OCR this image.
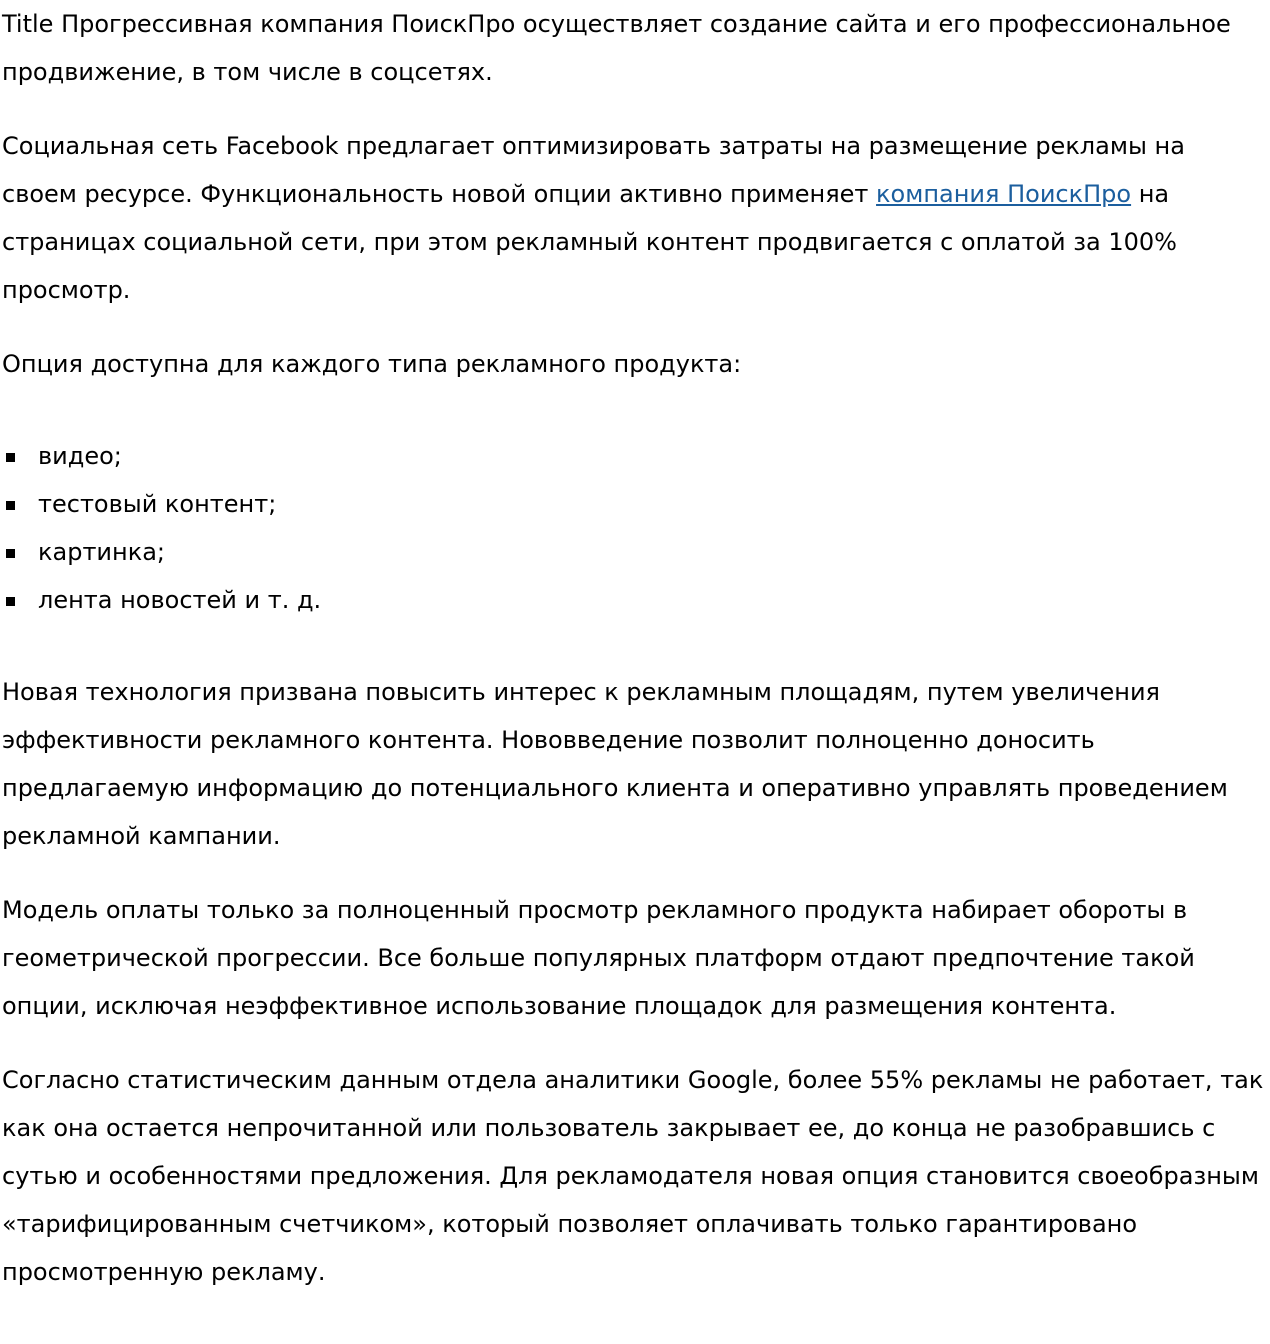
Title Прогрессивная компания ПоискПро осуществляет создание сайта и его профессиональное продвижение, в том числе в соцсетях.

Социальная сеть Facebook предлагает оптимизировать затраты на размещение рекламы на своем ресурсе. Функциональность новой опции активно применяет компания ПоискПро на страницах социальной сети, при этом рекламный контент продвигается с оплатой за 100% просмотр.

Опция доступна для каждого типа рекламного продукта:

видео;
тестовый контент;
картинка;
лента новостей и т. д.

Новая технология призвана повысить интерес к рекламным площадям, путем увеличения эффективности рекламного контента. Нововведение позволит полноценно доносить предлагаемую информацию до потенциального клиента и оперативно управлять проведением рекламной кампании.

Модель оплаты только за полноценный просмотр рекламного продукта набирает обороты в геометрической прогрессии. Все больше популярных платформ отдают предпочтение такой опции, исключая неэффективное использование площадок для размещения контента.

Согласно статистическим данным отдела аналитики Google, более 55% рекламы не работает, так как она остается непрочитанной или пользователь закрывает ее, до конца не разобравшись с сутью и особенностями предложения. Для рекламодателя новая опция становится своеобразным «тарифицированным счетчиком», который позволяет оплачивать только гарантировано просмотренную рекламу.
